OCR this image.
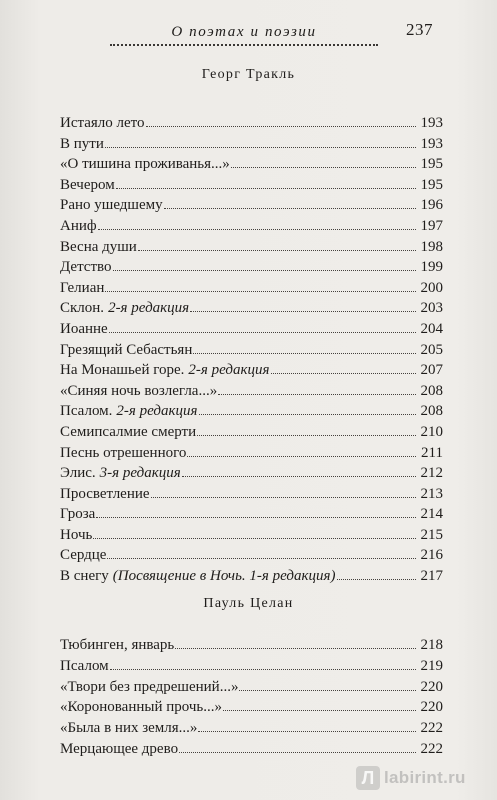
О поэтах и поэзии	237
Георг Тракль
Истаяло лето	193
В пути	193
«О тишина проживанья...»	195
Вечером	195
Рано ушедшему	196
Аниф	197
Весна души	198
Детство	199
Гелиан	200
Склон. 2-я редакция	203
Иоанне	204
Грезящий Себастьян	205
На Монашьей горе. 2-я редакция	207
«Синяя ночь возлегла...»	208
Псалом. 2-я редакция	208
Семипсалмие смерти	210
Песнь отрешенного	211
Элис. 3-я редакция	212
Просветление	213
Гроза	214
Ночь	215
Сердце	216
В снегу (Посвящение в Ночь. 1-я редакция)	217
Пауль Целан
Тюбинген, январь	218
Псалом	219
«Твори без предрешений...»	220
«Коронованный прочь...»	220
«Была в них земля...»	222
Мерцающее древо	222
Л labirint.ru
